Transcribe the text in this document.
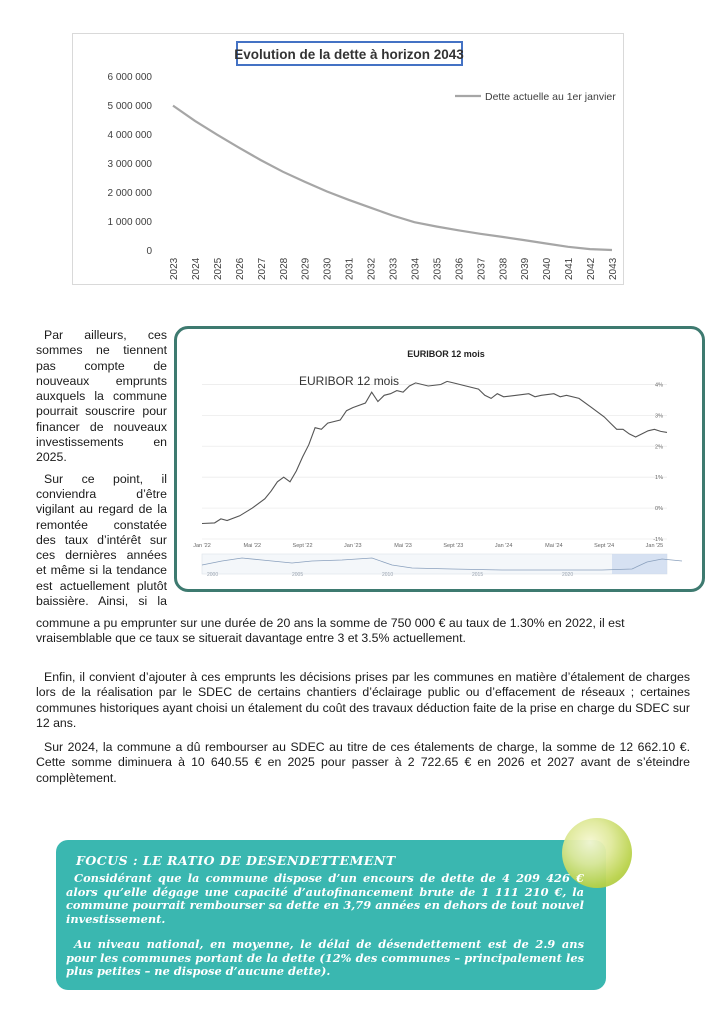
Evolution de la dette à horizon 2043
6 000 000
5 000 000
4 000 000
3 000 000
2 000 000
1 000 000
0
2023 2024 2025 2026 2027 2028 2029 2030 2031 2032 2033 2034 2035 2036 2037 2038 2039 2040 2041 2042 2043
Dette actuelle au 1er janvier

Par ailleurs, ces sommes ne tiennent pas compte de nouveaux emprunts auxquels la commune pourrait souscrire pour financer de nouveaux investissements en 2025.

Sur ce point, il conviendra d’être vigilant au regard de la remontée constatée des taux d’intérêt sur ces dernières années et même si la tendance est actuellement plutôt baissière. Ainsi, si la

EURIBOR 12 mois
4%
3%
2%
1%
0%
-1%
EURIBOR 12 mois
Jan '22	Mai '22	Sept '22	Jan '23	Mai '23	Sept '23	Jan '24	Mai '24	Sept '24	Jan '25
2000	2005	2010	2015	2020

commune a pu emprunter sur une durée de 20 ans la somme de 750 000 € au taux de 1.30% en 2022, il est vraisemblable que ce taux se situerait davantage entre 3 et 3.5% actuellement.

Enfin, il convient d’ajouter à ces emprunts les décisions prises par les communes en matière d’étalement de charges lors de la réalisation par le SDEC de certains chantiers d’éclairage public ou d’effacement de réseaux ; certaines communes historiques ayant choisi un étalement du coût des travaux déduction faite de la prise en charge du SDEC sur 12 ans.

Sur 2024, la commune a dû rembourser au SDEC au titre de ces étalements de charge, la somme de 12 662.10 €. Cette somme diminuera à 10 640.55 € en 2025 pour passer à 2 722.65 € en 2026 et 2027 avant de s’éteindre complètement.

FOCUS : LE RATIO DE DESENDETTEMENT

Considérant que la commune dispose d’un encours de dette de 4 209 426 € alors qu’elle dégage une capacité d’autofinancement brute de 1 111 210 €, la commune pourrait rembourser sa dette en 3,79 années en dehors de tout nouvel investissement.

Au niveau national, en moyenne, le délai de désendettement est de 2.9 ans pour les communes portant de la dette (12% des communes – principalement les plus petites – ne dispose d’aucune dette).
